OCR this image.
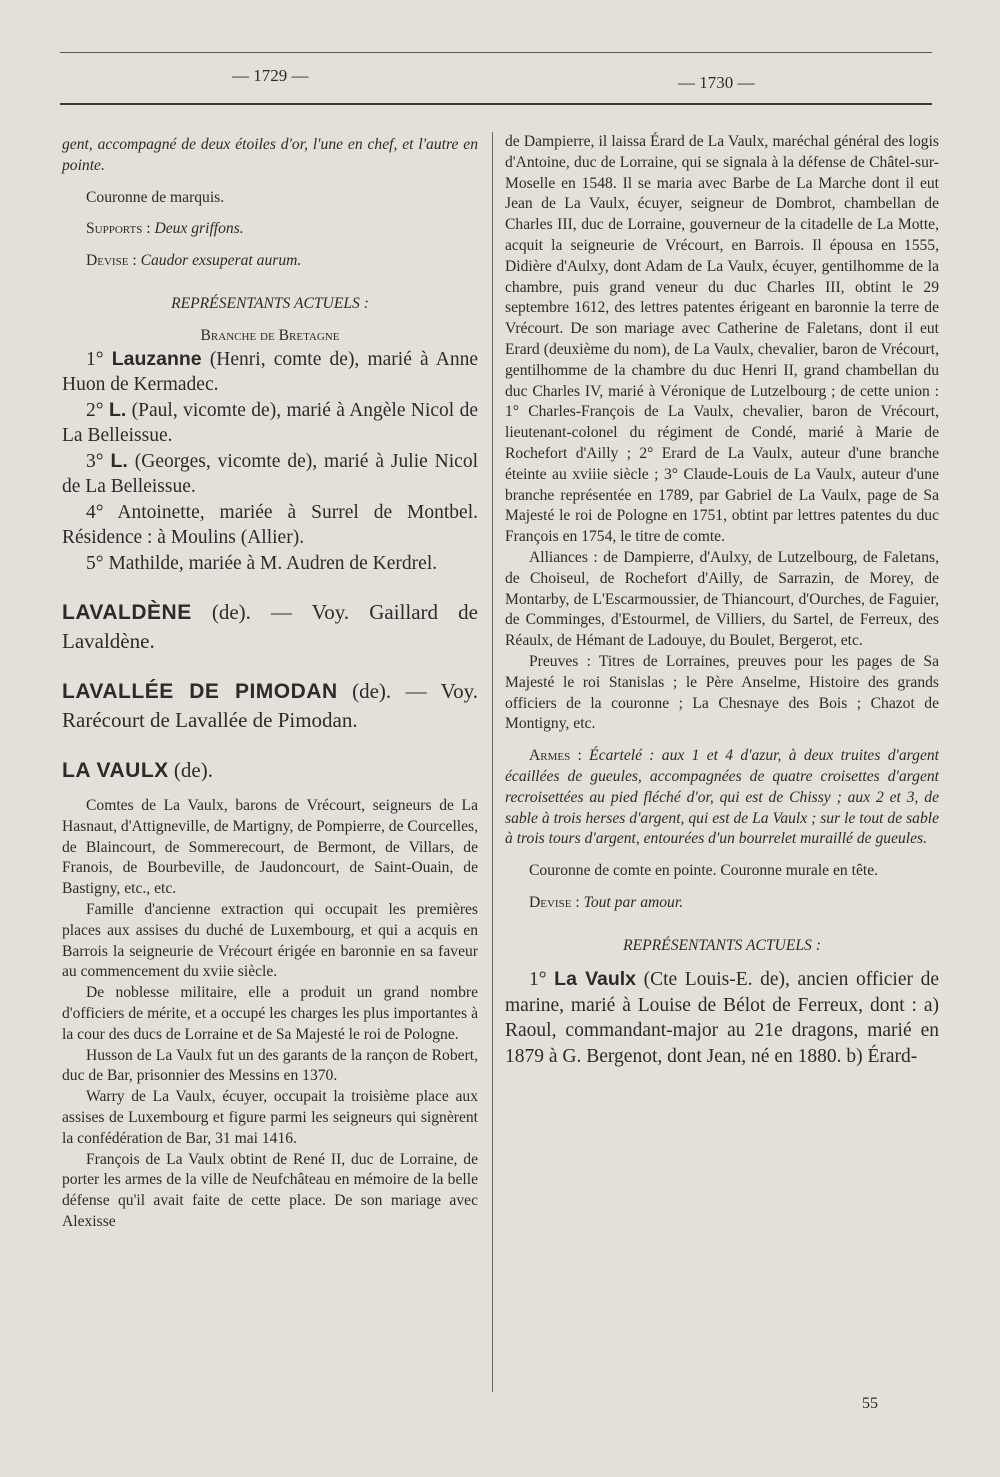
— 1729 —	— 1730 —

gent, accompagné de deux étoiles d'or, l'une en chef, et l'autre en pointe.

Couronne de marquis.

Supports : Deux griffons.

Devise : Caudor exsuperat aurum.

REPRÉSENTANTS ACTUELS :

Branche de Bretagne

1° Lauzanne (Henri, comte de), marié à Anne Huon de Kermadec.

2° L. (Paul, vicomte de), marié à Angèle Nicol de La Belleissue.

3° L. (Georges, vicomte de), marié à Julie Nicol de La Belleissue.

4° Antoinette, mariée à Surrel de Montbel. Résidence : à Moulins (Allier).

5° Mathilde, mariée à M. Audren de Kerdrel.

LAVALDÈNE (de). — Voy. Gaillard de Lavaldène.

LAVALLÉE DE PIMODAN (de). — Voy. Rarécourt de Lavallée de Pimodan.

LA VAULX (de).

Comtes de La Vaulx, barons de Vrécourt, seigneurs de La Hasnaut, d'Attigneville, de Martigny, de Pompierre, de Courcelles, de Blaincourt, de Sommerecourt, de Bermont, de Villars, de Franois, de Bourbeville, de Jaudoncourt, de Saint-Ouain, de Bastigny, etc., etc.

Famille d'ancienne extraction qui occupait les premières places aux assises du duché de Luxembourg, et qui a acquis en Barrois la seigneurie de Vrécourt érigée en baronnie en sa faveur au commencement du xviie siècle.

De noblesse militaire, elle a produit un grand nombre d'officiers de mérite, et a occupé les charges les plus importantes à la cour des ducs de Lorraine et de Sa Majesté le roi de Pologne.

Husson de La Vaulx fut un des garants de la rançon de Robert, duc de Bar, prisonnier des Messins en 1370.

Warry de La Vaulx, écuyer, occupait la troisième place aux assises de Luxembourg et figure parmi les seigneurs qui signèrent la confédération de Bar, 31 mai 1416.

François de La Vaulx obtint de René II, duc de Lorraine, de porter les armes de la ville de Neufchâteau en mémoire de la belle défense qu'il avait faite de cette place. De son mariage avec Alexisse

de Dampierre, il laissa Érard de La Vaulx, maréchal général des logis d'Antoine, duc de Lorraine, qui se signala à la défense de Châtel-sur-Moselle en 1548. Il se maria avec Barbe de La Marche dont il eut Jean de La Vaulx, écuyer, seigneur de Dombrot, chambellan de Charles III, duc de Lorraine, gouverneur de la citadelle de La Motte, acquit la seigneurie de Vrécourt, en Barrois. Il épousa en 1555, Didière d'Aulxy, dont Adam de La Vaulx, écuyer, gentilhomme de la chambre, puis grand veneur du duc Charles III, obtint le 29 septembre 1612, des lettres patentes érigeant en baronnie la terre de Vrécourt. De son mariage avec Catherine de Faletans, dont il eut Erard (deuxième du nom), de La Vaulx, chevalier, baron de Vrécourt, gentilhomme de la chambre du duc Henri II, grand chambellan du duc Charles IV, marié à Véronique de Lutzelbourg ; de cette union : 1° Charles-François de La Vaulx, chevalier, baron de Vrécourt, lieutenant-colonel du régiment de Condé, marié à Marie de Rochefort d'Ailly ; 2° Erard de La Vaulx, auteur d'une branche éteinte au xviiie siècle ; 3° Claude-Louis de La Vaulx, auteur d'une branche représentée en 1789, par Gabriel de La Vaulx, page de Sa Majesté le roi de Pologne en 1751, obtint par lettres patentes du duc François en 1754, le titre de comte.

Alliances : de Dampierre, d'Aulxy, de Lutzelbourg, de Faletans, de Choiseul, de Rochefort d'Ailly, de Sarrazin, de Morey, de Montarby, de L'Escarmoussier, de Thiancourt, d'Ourches, de Faguier, de Comminges, d'Estourmel, de Villiers, du Sartel, de Ferreux, des Réaulx, de Hémant de Ladouye, du Boulet, Bergerot, etc.

Preuves : Titres de Lorraines, preuves pour les pages de Sa Majesté le roi Stanislas ; le Père Anselme, Histoire des grands officiers de la couronne ; La Chesnaye des Bois ; Chazot de Montigny, etc.

Armes : Écartelé : aux 1 et 4 d'azur, à deux truites d'argent écaillées de gueules, accompagnées de quatre croisettes d'argent recroisettées au pied fléché d'or, qui est de Chissy ; aux 2 et 3, de sable à trois herses d'argent, qui est de La Vaulx ; sur le tout de sable à trois tours d'argent, entourées d'un bourrelet muraillé de gueules.

Couronne de comte en pointe. Couronne murale en tête.

Devise : Tout par amour.

REPRÉSENTANTS ACTUELS :

1° La Vaulx (Cte Louis-E. de), ancien officier de marine, marié à Louise de Bélot de Ferreux, dont : a) Raoul, commandant-major au 21e dragons, marié en 1879 à G. Bergenot, dont Jean, né en 1880. b) Érard-

55
